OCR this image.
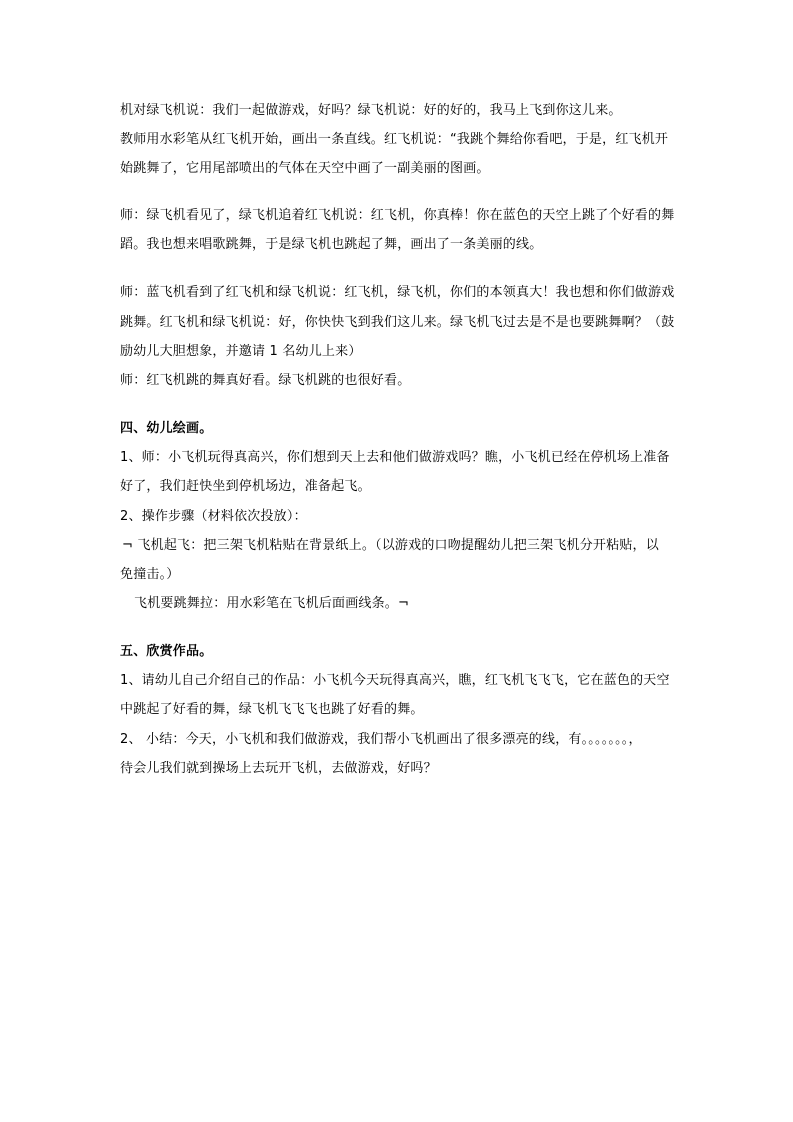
机对绿飞机说：我们一起做游戏，好吗？绿飞机说：好的好的，我马上飞到你这儿来。
教师用水彩笔从红飞机开始，画出一条直线。红飞机说：“我跳个舞给你看吧，于是，红飞机开
始跳舞了，它用尾部喷出的气体在天空中画了一副美丽的图画。
师：绿飞机看见了，绿飞机追着红飞机说：红飞机，你真棒！你在蓝色的天空上跳了个好看的舞
蹈。我也想来唱歌跳舞，于是绿飞机也跳起了舞，画出了一条美丽的线。
师：蓝飞机看到了红飞机和绿飞机说：红飞机，绿飞机，你们的本领真大！我也想和你们做游戏
跳舞。红飞机和绿飞机说：好，你快快飞到我们这儿来。绿飞机飞过去是不是也要跳舞啊？（鼓
励幼儿大胆想象，并邀请 1 名幼儿上来）
师：红飞机跳的舞真好看。绿飞机跳的也很好看。
四、幼儿绘画。
1、师：小飞机玩得真高兴，你们想到天上去和他们做游戏吗？瞧，小飞机已经在停机场上准备
好了，我们赶快坐到停机场边，准备起飞。
2、操作步骤（材料依次投放）：
¬ 飞机起飞：把三架飞机粘贴在背景纸上。（以游戏的口吻提醒幼儿把三架飞机分开粘贴，以
免撞击。）
飞机要跳舞拉：用水彩笔在飞机后面画线条。¬
五、欣赏作品。
1、请幼儿自己介绍自己的作品：小飞机今天玩得真高兴，瞧，红飞机飞飞飞，它在蓝色的天空
中跳起了好看的舞，绿飞机飞飞飞也跳了好看的舞。
2、 小结：今天，小飞机和我们做游戏，我们帮小飞机画出了很多漂亮的线，有。。。。。。。，
待会儿我们就到操场上去玩开飞机，去做游戏，好吗？
